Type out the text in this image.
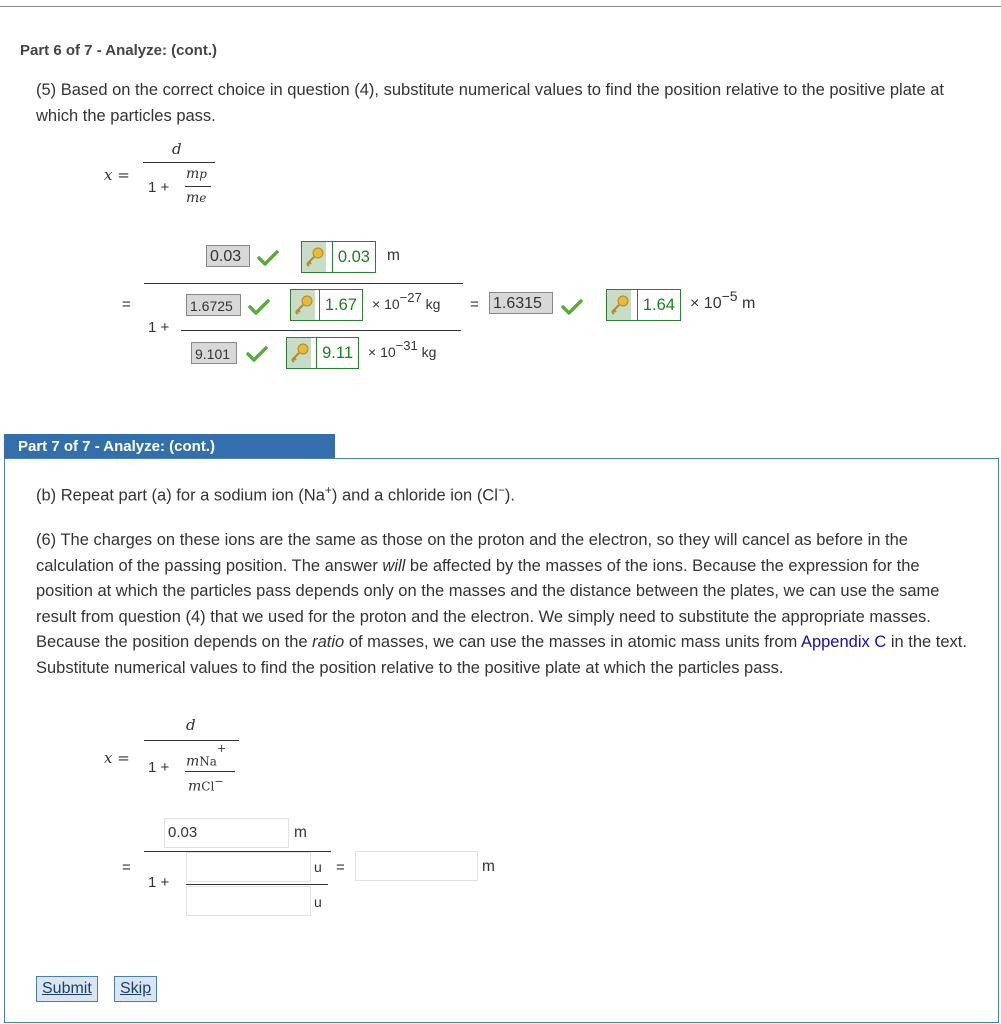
Part 6 of 7 - Analyze: (cont.)
(5) Based on the correct choice in question (4), substitute numerical values to find the position relative to the positive plate at which the particles pass.
x =
d
1 +
mp
me
0.03	0.03	m
=
1 +
1.6725	1.67	× 10−27 kg =
9.101	9.11	× 10−31 kg
1.6315	1.64 × 10−5 m
Part 7 of 7 - Analyze: (cont.)
(b) Repeat part (a) for a sodium ion (Na+) and a chloride ion (Cl−).
(6) The charges on these ions are the same as those on the proton and the electron, so they will cancel as before in the calculation of the passing position. The answer will be affected by the masses of the ions. Because the expression for the position at which the particles pass depends only on the masses and the distance between the plates, we can use the same result from question (4) that we used for the proton and the electron. We simply need to substitute the appropriate masses. Because the position depends on the ratio of masses, we can use the masses in atomic mass units from Appendix C in the text. Substitute numerical values to find the position relative to the positive plate at which the particles pass.
x =
d
1 + mNa+
mCl−
0.03	m
=
1 +
u
u
=	m
Submit	Skip
